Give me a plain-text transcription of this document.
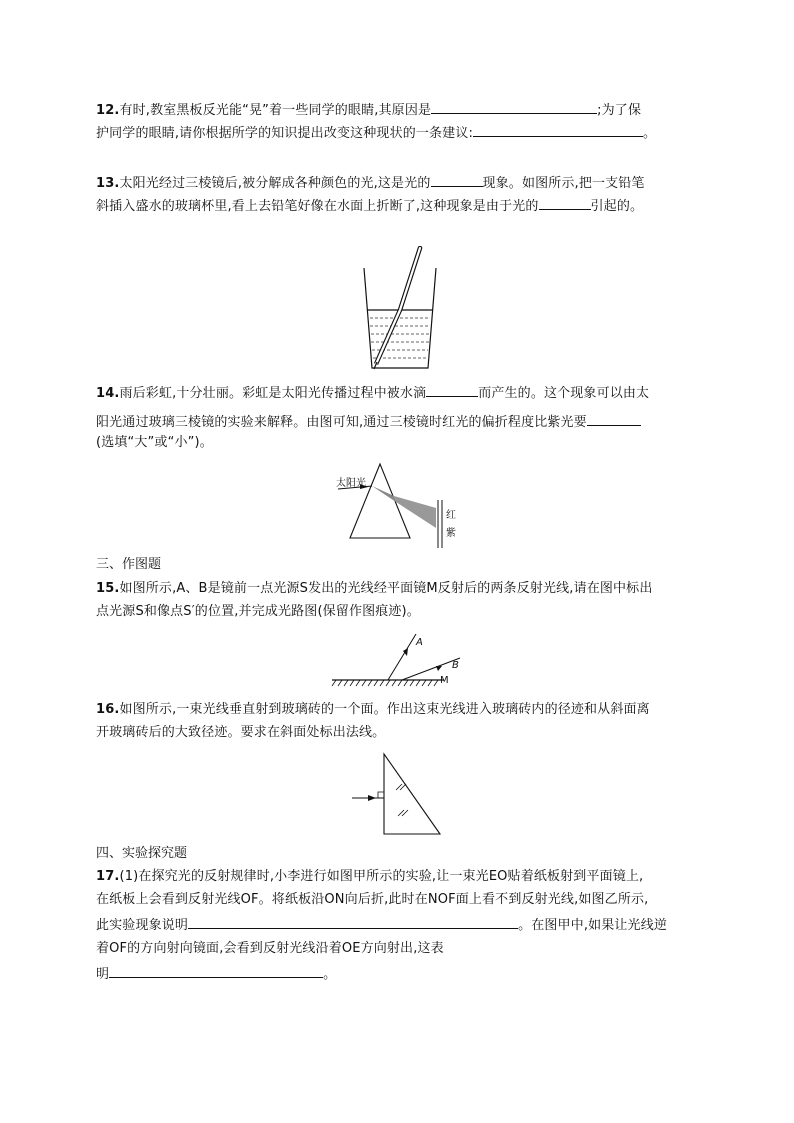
12.有时,教室黑板反光能“晃”着一些同学的眼睛,其原因是	;为了保
护同学的眼睛,请你根据所学的知识提出改变这种现状的一条建议:	。
13.太阳光经过三棱镜后,被分解成各种颜色的光,这是光的	现象。如图所示,把一支铅笔
斜插入盛水的玻璃杯里,看上去铅笔好像在水面上折断了,这种现象是由于光的	引起的。
14.雨后彩虹,十分壮丽。彩虹是太阳光传播过程中被水滴	而产生的。这个现象可以由太
阳光通过玻璃三棱镜的实验来解释。由图可知,通过三棱镜时红光的偏折程度比紫光要
(选填“大”或“小”)。
太阳光
红
紫
三、作图题
15.如图所示,A、B是镜前一点光源S发出的光线经平面镜M反射后的两条反射光线,请在图中标出
点光源S和像点S′的位置,并完成光路图(保留作图痕迹)。
A
B
M
16.如图所示,一束光线垂直射到玻璃砖的一个面。作出这束光线进入玻璃砖内的径迹和从斜面离
开玻璃砖后的大致径迹。要求在斜面处标出法线。
四、实验探究题
17.(1)在探究光的反射规律时,小李进行如图甲所示的实验,让一束光EO贴着纸板射到平面镜上,
在纸板上会看到反射光线OF。将纸板沿ON向后折,此时在NOF面上看不到反射光线,如图乙所示,
此实验现象说明	。在图甲中,如果让光线逆
着OF的方向射向镜面,会看到反射光线沿着OE方向射出,这表
明	。
